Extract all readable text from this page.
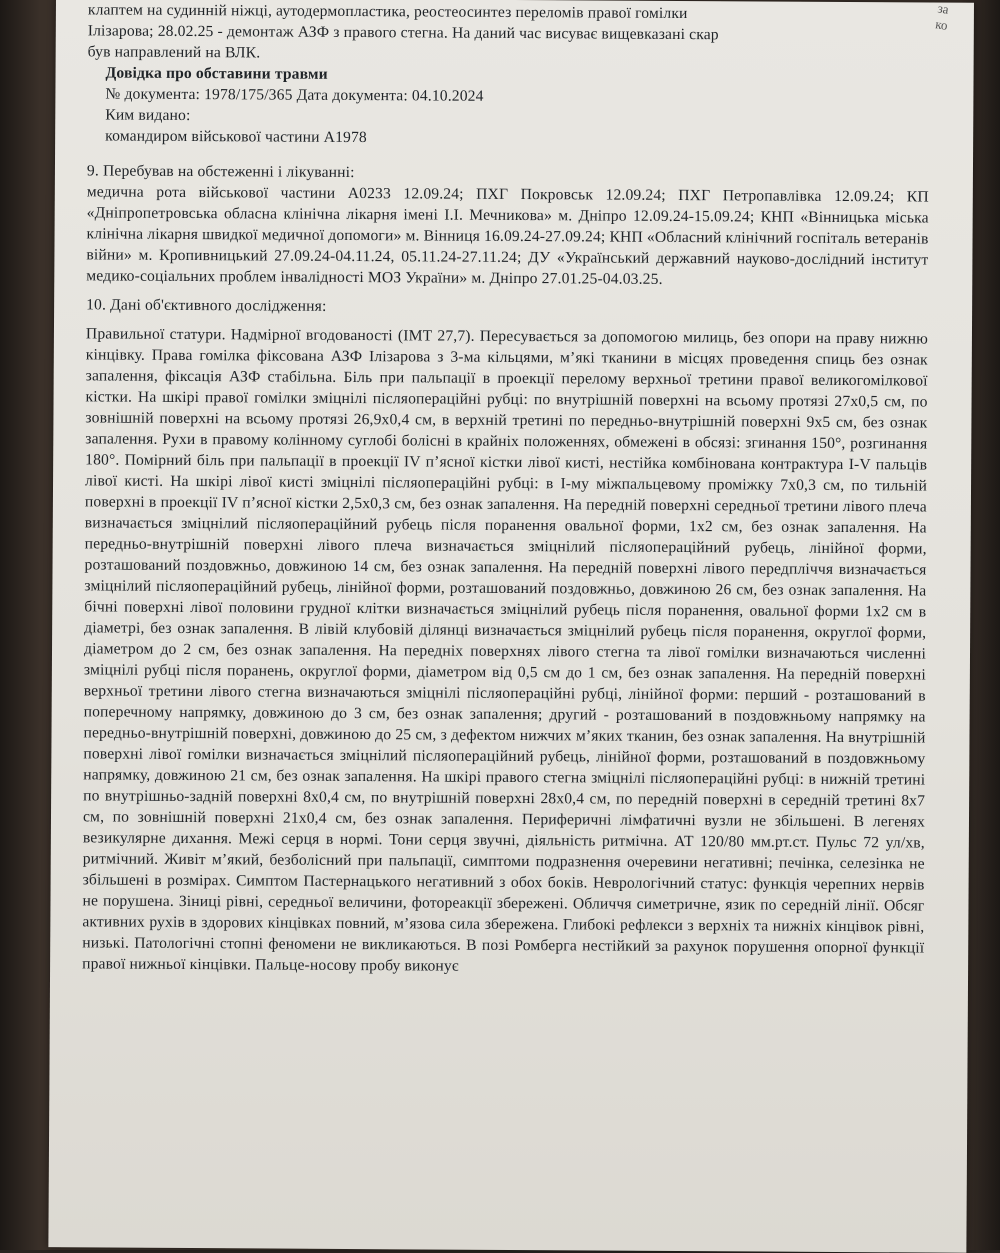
за
ко
клаптем на судинній ніжці, аутодермопластика, реостеосинтез переломів правої гомілки
Ілізарова; 28.02.25 - демонтаж АЗФ з правого стегна. На даний час висуває вищевказані скар
був направлений на ВЛК.
Довідка про обставини травми
№ документа: 1978/175/365 Дата документа: 04.10.2024
Ким видано:
командиром військової частини А1978
9. Перебував на обстеженні і лікуванні:

медична рота військової частини А0233 12.09.24; ПХГ Покровськ 12.09.24; ПХГ Петропавлівка 12.09.24; КП «Дніпропетровська обласна клінічна лікарня імені І.І. Мечникова» м. Дніпро 12.09.24-15.09.24; КНП «Вінницька міська клінічна лікарня швидкої медичної допомоги» м. Вінниця 16.09.24-27.09.24; КНП «Обласний клінічний госпіталь ветеранів війни» м. Кропивницький 27.09.24-04.11.24, 05.11.24-27.11.24; ДУ «Український державний науково-дослідний інститут медико-соціальних проблем інвалідності МОЗ України» м. Дніпро 27.01.25-04.03.25.

10. Дані об'єктивного дослідження:

Правильної статури. Надмірної вгодованості (ІМТ 27,7). Пересувається за допомогою милиць, без опори на праву нижню кінцівку. Права гомілка фіксована АЗФ Ілізарова з 3-ма кільцями, м’які тканини в місцях проведення спиць без ознак запалення, фіксація АЗФ стабільна. Біль при пальпації в проекції перелому верхньої третини правої великогомілкової кістки. На шкірі правої гомілки зміцнілі післяопераційні рубці: по внутрішній поверхні на всьому протязі 27х0,5 см, по зовнішній поверхні на всьому протязі 26,9х0,4 см, в верхній третині по передньо-внутрішній поверхні 9х5 см, без ознак запалення. Рухи в правому колінному суглобі болісні в крайніх положеннях, обмежені в обсязі: згинання 150°, розгинання 180°. Помірний біль при пальпації в проекції IV п’ясної кістки лівої кисті, нестійка комбінована контрактура I-V пальців лівої кисті. На шкірі лівої кисті зміцнілі післяопераційні рубці: в I-му міжпальцевому проміжку 7х0,3 см, по тильній поверхні в проекції IV п’ясної кістки 2,5х0,3 см, без ознак запалення. На передній поверхні середньої третини лівого плеча визначається зміцнілий післяопераційний рубець після поранення овальної форми, 1х2 см, без ознак запалення. На передньо-внутрішній поверхні лівого плеча визначається зміцнілий післяопераційний рубець, лінійної форми, розташований поздовжньо, довжиною 14 см, без ознак запалення. На передній поверхні лівого передпліччя визначається зміцнілий післяопераційний рубець, лінійної форми, розташований поздовжньо, довжиною 26 см, без ознак запалення. На бічні поверхні лівої половини грудної клітки визначається зміцнілий рубець після поранення, овальної форми 1х2 см в діаметрі, без ознак запалення. В лівій клубовій ділянці визначається зміцнілий рубець після поранення, округлої форми, діаметром до 2 см, без ознак запалення. На передніх поверхнях лівого стегна та лівої гомілки визначаються численні зміцнілі рубці після поранень, округлої форми, діаметром від 0,5 см до 1 см, без ознак запалення. На передній поверхні верхньої третини лівого стегна визначаються зміцнілі післяопераційні рубці, лінійної форми: перший - розташований в поперечному напрямку, довжиною до 3 см, без ознак запалення; другий - розташований в поздовжньому напрямку на передньо-внутрішній поверхні, довжиною до 25 см, з дефектом нижчих м’яких тканин, без ознак запалення. На внутрішній поверхні лівої гомілки визначається зміцнілий післяопераційний рубець, лінійної форми, розташований в поздовжньому напрямку, довжиною 21 см, без ознак запалення. На шкірі правого стегна зміцнілі післяопераційні рубці: в нижній третині по внутрішньо-задній поверхні 8х0,4 см, по внутрішній поверхні 28х0,4 см, по передній поверхні в середній третині 8х7 см, по зовнішній поверхні 21х0,4 см, без ознак запалення. Периферичні лімфатичні вузли не збільшені. В легенях везикулярне дихання. Межі серця в нормі. Тони серця звучні, діяльність ритмічна. АТ 120/80 мм.рт.ст. Пульс 72 ул/хв, ритмічний. Живіт м’який, безболісний при пальпації, симптоми подразнення очеревини негативні; печінка, селезінка не збільшені в розмірах. Симптом Пастернацького негативний з обох боків. Неврологічний статус: функція черепних нервів не порушена. Зіниці рівні, середньої величини, фотореакції збережені. Обличчя симетричне, язик по середній лінії. Обсяг активних рухів в здорових кінцівках повний, м’язова сила збережена. Глибокі рефлекси з верхніх та нижніх кінцівок рівні, низькі. Патологічні стопні феномени не викликаються. В позі Ромберга нестійкий за рахунок порушення опорної функції правої нижньої кінцівки. Пальце-носову пробу виконує
